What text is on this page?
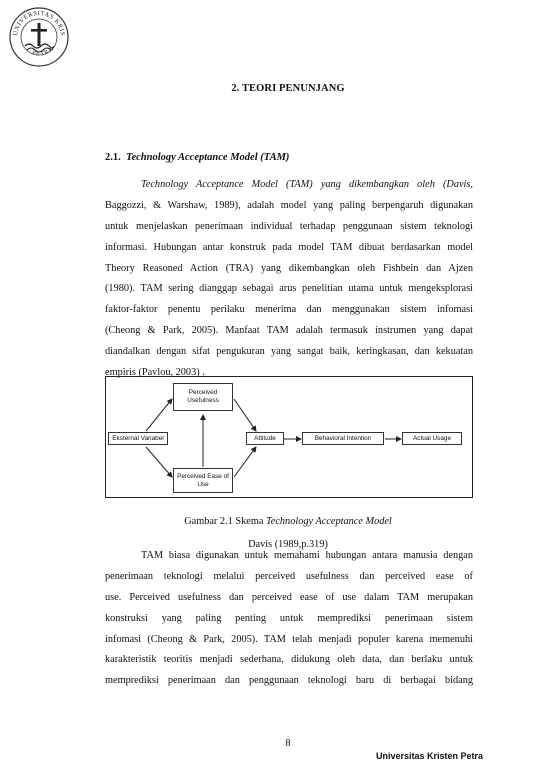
UNIVERSITAS KRIS
PETRA
2. TEORI PENUNJANG
2.1. Technology Acceptance Model (TAM)
Technology Acceptance Model (TAM) yang dikembangkan oleh (Davis,
Baggozzi, & Warshaw, 1989), adalah model yang paling berpengaruh digunakan
untuk menjelaskan penerimaan individual terhadap penggunaan sistem teknologi
informasi. Hubungan antar konstruk pada model TAM dibuat berdasarkan model
Theory Reasoned Action (TRA) yang dikembangkan oleh Fishbein dan Ajzen
(1980). TAM sering dianggap sebagai arus penelitian utama untuk mengeksplorasi
faktor-faktor penentu perilaku menerima dan menggunakan sistem infomasi
(Cheong & Park, 2005). Manfaat TAM adalah termasuk instrumen yang dapat
diandalkan dengan sifat pengukuran yang sangat baik, keringkasan, dan kekuatan
empiris (Pavlou, 2003) .
Perceived Usefulness
Eksternal Variabel	Attitude	Behavioral Intention	Actual Usage
Perceived Ease of Use
Gambar 2.1 Skema Technology Acceptance Model
Davis (1989,p.319)
TAM biasa digunakan untuk memahami hubungan antara manusia dengan
penerimaan teknologi melalui perceived usefulness dan perceived ease of
use. Perceived usefulness dan perceived ease of use dalam TAM merupakan
konstruksi yang paling penting untuk memprediksi penerimaan sistem
infomasi (Cheong & Park, 2005). TAM telah menjadi populer karena memenuhi
karakteristik teoritis menjadi sederhana, didukung oleh data, dan berlaku untuk
memprediksi penerimaan dan penggunaan teknologi baru di berbagai bidang
8
Universitas Kristen Petra
